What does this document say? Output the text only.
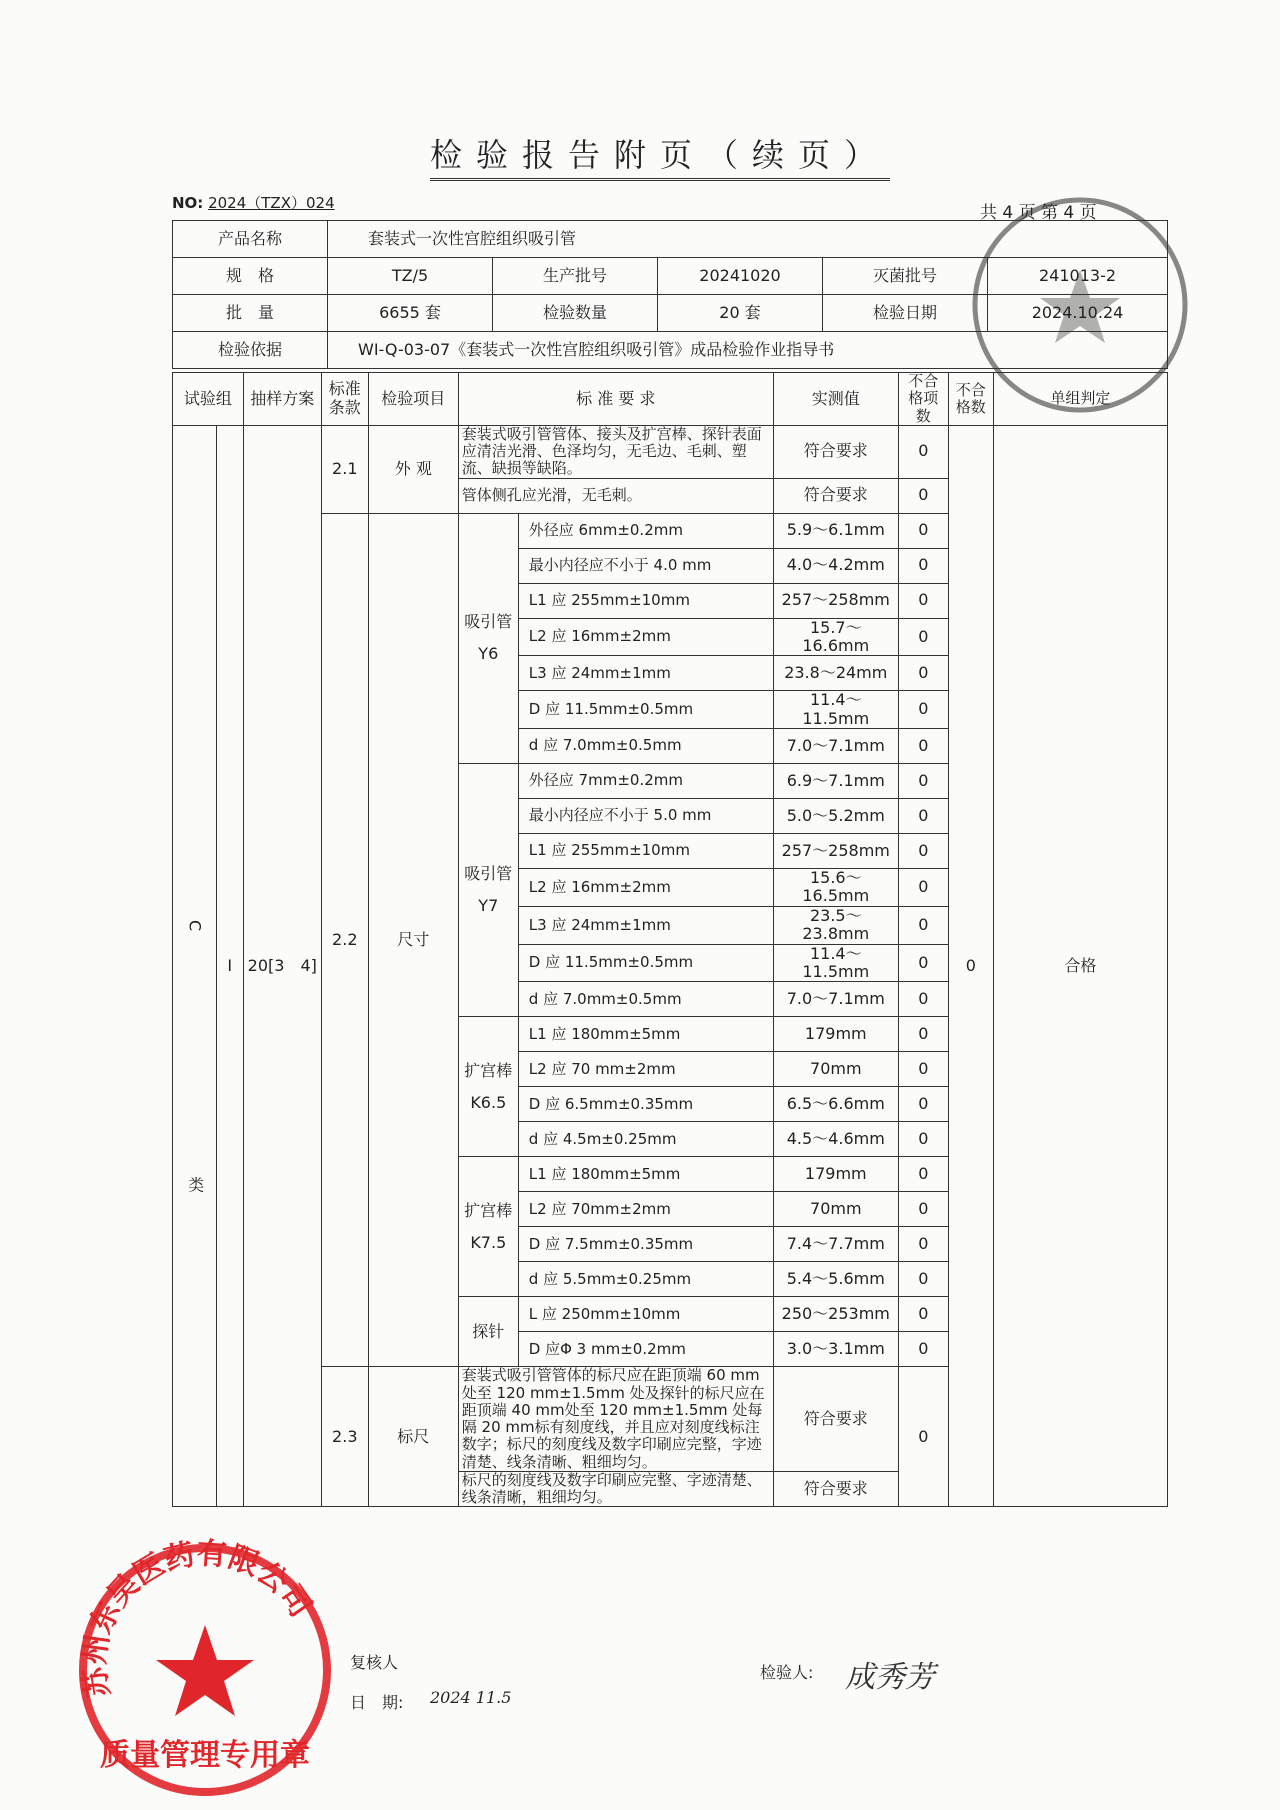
苏州东吴医药有限公司
质量管理专用章
检验报告附页（续页）
NO: 2024（TZX）024	共 4 页 第 4 页
产品名称	套装式一次性宫腔组织吸引管				
规　格	TZ/5	生产批号	20241020	灭菌批号	241013-2
批　量	6655 套	检验数量	20 套	检验日期	2024.10.24
检验依据	WI-Q-03-07《套装式一次性宫腔组织吸引管》成品检验作业指导书				
试验组		抽样方案	标准条款	检验项目	标 准 要 求		实测值	不合格项数	不合格数	单组判定
C 类	I	20[3　4]	2.1	外 观	套装式吸引管管体、接头及扩宫棒、探针表面应清洁光滑、色泽均匀，无毛边、毛刺、塑流、缺损等缺陷。		符合要求	0	0	合格
					管体侧孔应光滑，无毛刺。		符合要求	0		
			2.2	尺寸	吸引管Y6	外径应 6mm±0.2mm	5.9～6.1mm	0		
						最小内径应不小于 4.0 mm	4.0～4.2mm	0		
						L1 应 255mm±10mm	257～258mm	0		
						L2 应 16mm±2mm	15.7～16.6mm	0		
						L3 应 24mm±1mm	23.8～24mm	0		
						D 应 11.5mm±0.5mm	11.4～11.5mm	0		
						d 应 7.0mm±0.5mm	7.0～7.1mm	0		
					吸引管Y7	外径应 7mm±0.2mm	6.9～7.1mm	0		
						最小内径应不小于 5.0 mm	5.0～5.2mm	0		
						L1 应 255mm±10mm	257～258mm	0		
						L2 应 16mm±2mm	15.6～16.5mm	0		
						L3 应 24mm±1mm	23.5～23.8mm	0		
						D 应 11.5mm±0.5mm	11.4～11.5mm	0		
						d 应 7.0mm±0.5mm	7.0～7.1mm	0		
					扩宫棒K6.5	L1 应 180mm±5mm	179mm	0		
						L2 应 70 mm±2mm	70mm	0		
						D 应 6.5mm±0.35mm	6.5～6.6mm	0		
						d 应 4.5m±0.25mm	4.5～4.6mm	0		
					扩宫棒K7.5	L1 应 180mm±5mm	179mm	0		
						L2 应 70mm±2mm	70mm	0		
						D 应 7.5mm±0.35mm	7.4～7.7mm	0		
						d 应 5.5mm±0.25mm	5.4～5.6mm	0		
					探针	L 应 250mm±10mm	250～253mm	0		
						D 应Φ 3 mm±0.2mm	3.0～3.1mm	0		
			2.3	标尺	套装式吸引管管体的标尺应在距顶端 60 mm处至 120 mm±1.5mm 处及探针的标尺应在距顶端 40 mm处至 120 mm±1.5mm 处每隔 20 mm标有刻度线，并且应对刻度线标注数字；标尺的刻度线及数字印刷应完整，字迹清楚、线条清晰、粗细均匀。		符合要求	0		
					标尺的刻度线及数字印刷应完整、字迹清楚、线条清晰，粗细均匀。		符合要求			
复核人
日　期: 2024 11.5
检验人: 成秀芳
